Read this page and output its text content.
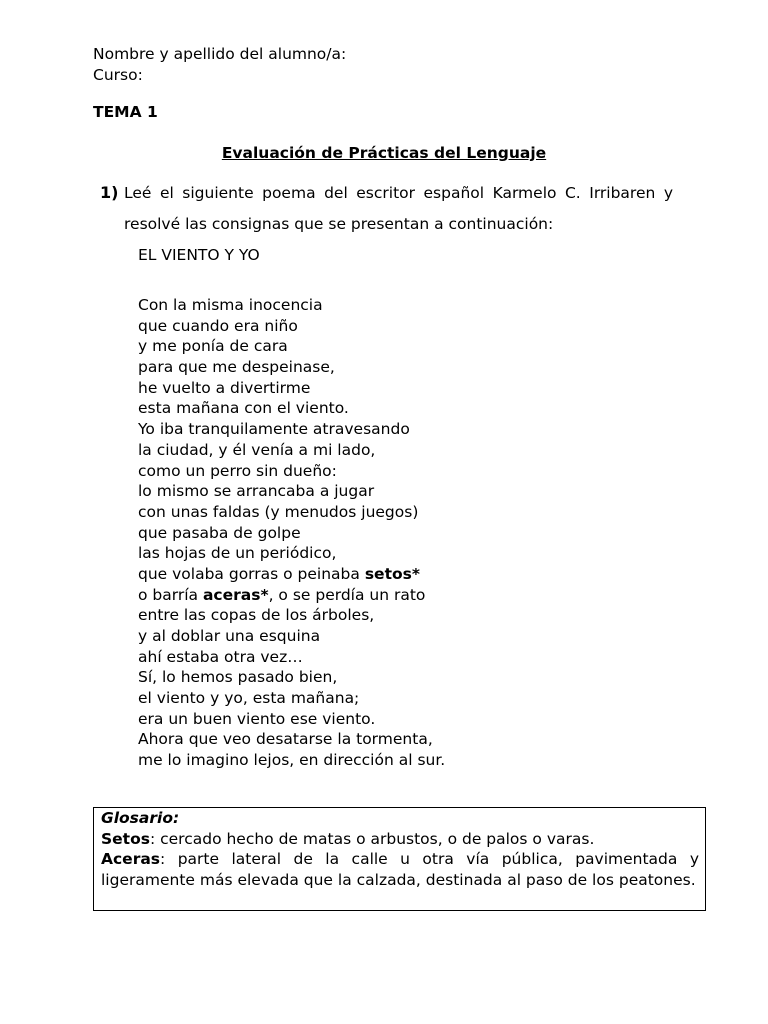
Nombre y apellido del alumno/a:
Curso:
TEMA 1
Evaluación de Prácticas del Lenguaje
1) Leé el siguiente poema del escritor español Karmelo C. Irribaren y
resolvé las consignas que se presentan a continuación:
EL VIENTO Y YO
Con la misma inocencia
que cuando era niño
y me ponía de cara
para que me despeinase,
he vuelto a divertirme
esta mañana con el viento.
Yo iba tranquilamente atravesando
la ciudad, y él venía a mi lado,
como un perro sin dueño:
lo mismo se arrancaba a jugar
con unas faldas (y menudos juegos)
que pasaba de golpe
las hojas de un periódico,
que volaba gorras o peinaba setos*
o barría aceras*, o se perdía un rato
entre las copas de los árboles,
y al doblar una esquina
ahí estaba otra vez…
Sí, lo hemos pasado bien,
el viento y yo, esta mañana;
era un buen viento ese viento.
Ahora que veo desatarse la tormenta,
me lo imagino lejos, en dirección al sur.
Glosario:
Setos: cercado hecho de matas o arbustos, o de palos o varas.
Aceras: parte lateral de la calle u otra vía pública, pavimentada y ligeramente más elevada que la calzada, destinada al paso de los peatones.
